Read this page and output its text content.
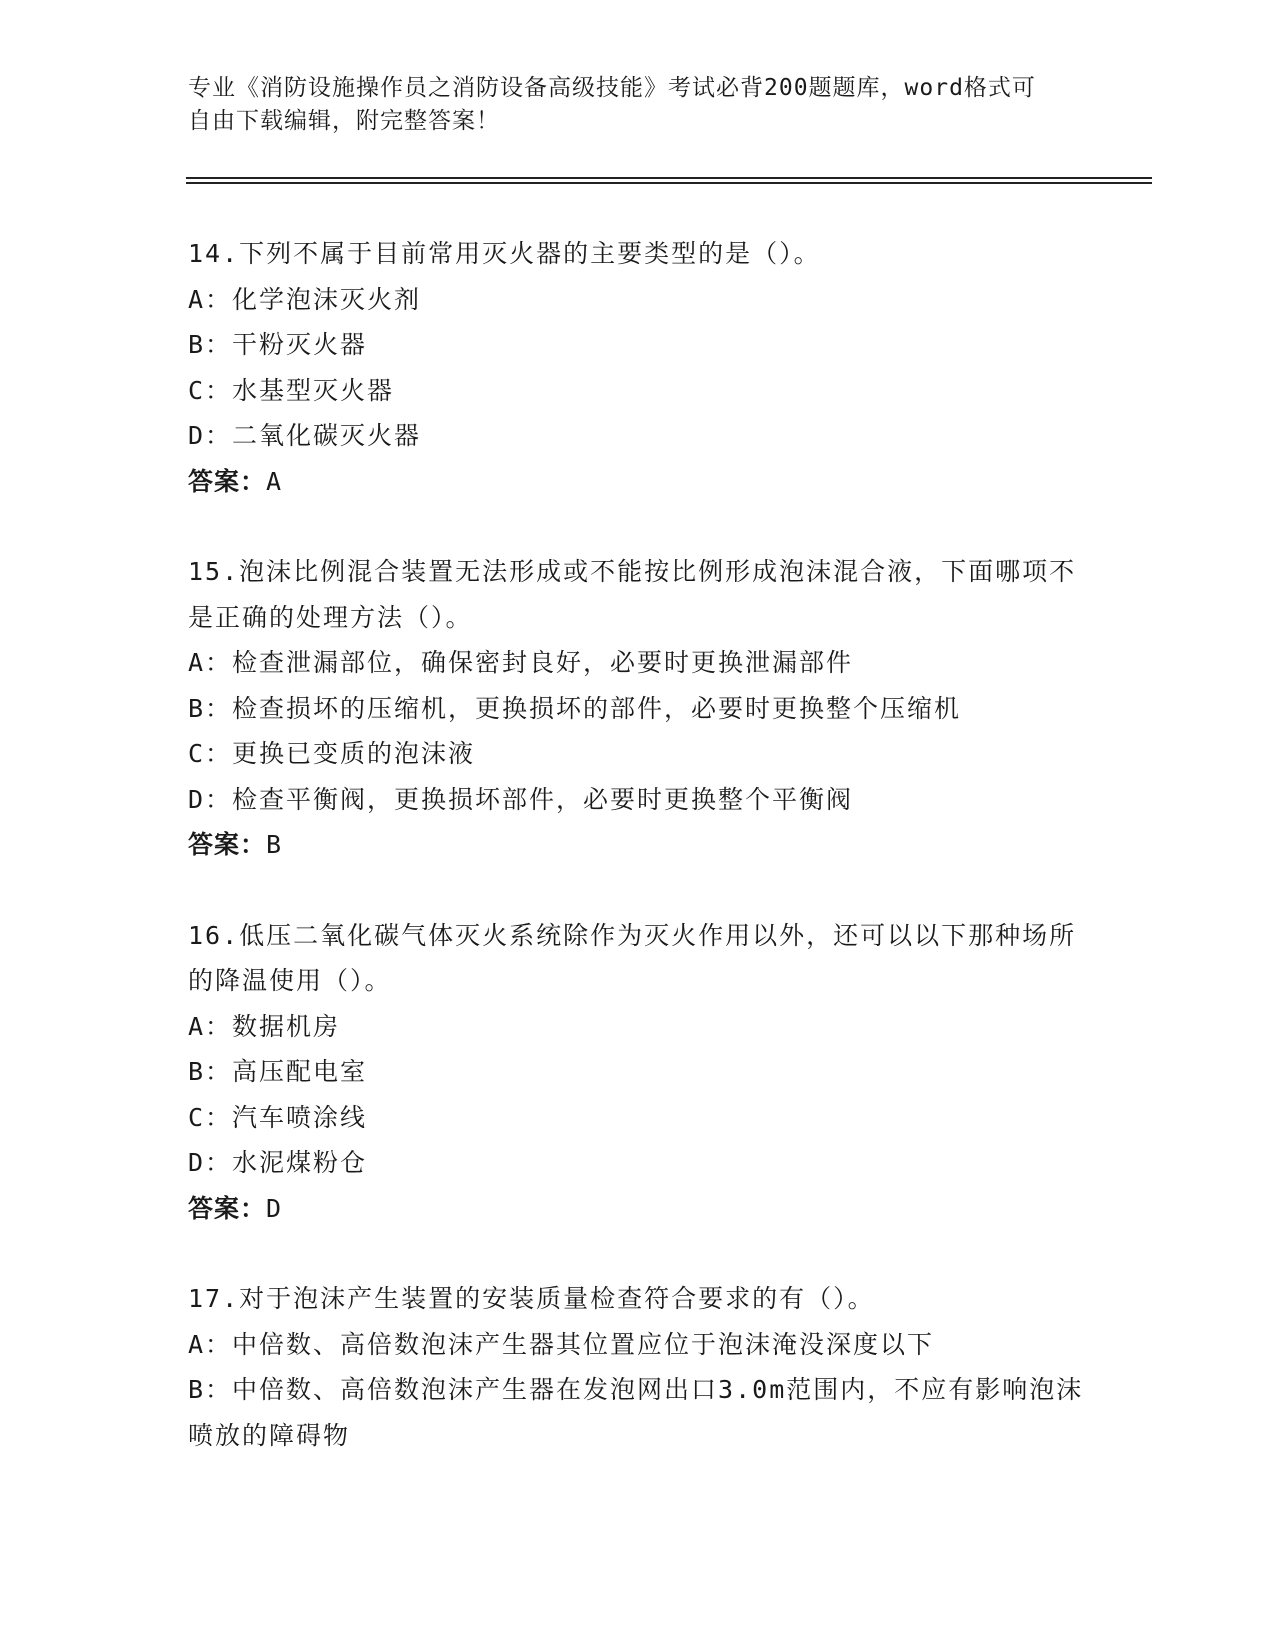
专业《消防设施操作员之消防设备高级技能》考试必背200题题库，word格式可
自由下载编辑，附完整答案！

14.下列不属于目前常用灭火器的主要类型的是（）。

A：化学泡沫灭火剂

B：干粉灭火器

C：水基型灭火器

D：二氧化碳灭火器

答案：A

15.泡沫比例混合装置无法形成或不能按比例形成泡沫混合液，下面哪项不是正确的处理方法（）。

A：检查泄漏部位，确保密封良好，必要时更换泄漏部件

B：检查损坏的压缩机，更换损坏的部件，必要时更换整个压缩机

C：更换已变质的泡沫液

D：检查平衡阀，更换损坏部件，必要时更换整个平衡阀

答案：B

16.低压二氧化碳气体灭火系统除作为灭火作用以外，还可以以下那种场所的降温使用（）。

A：数据机房

B：高压配电室

C：汽车喷涂线

D：水泥煤粉仓

答案：D

17.对于泡沫产生装置的安装质量检查符合要求的有（）。

A：中倍数、高倍数泡沫产生器其位置应位于泡沫淹没深度以下

B：中倍数、高倍数泡沫产生器在发泡网出口3.0m范围内，不应有影响泡沫喷放的障碍物
